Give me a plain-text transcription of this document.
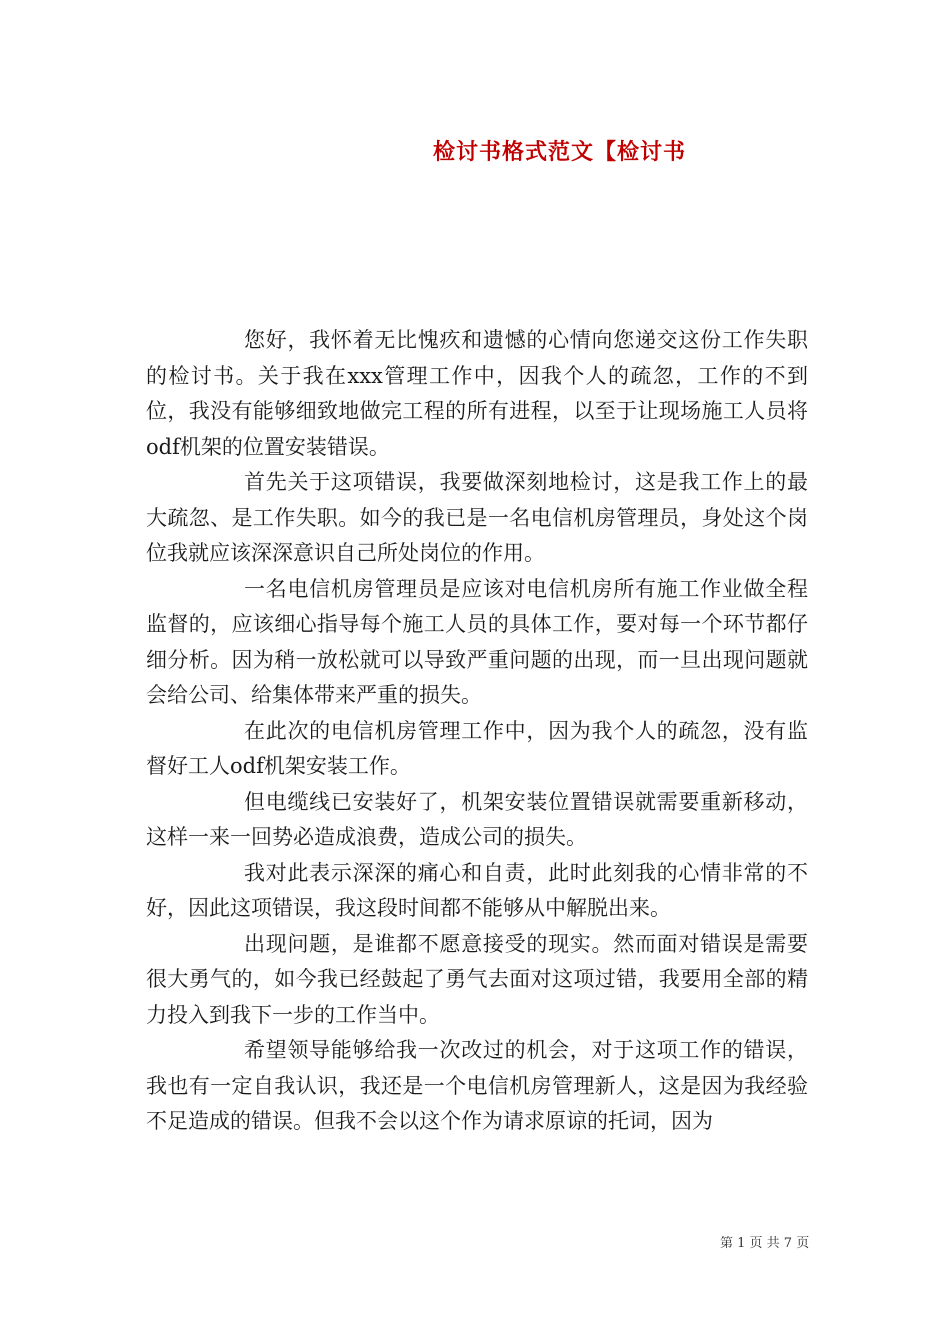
检讨书格式范文【检讨书

您好，我怀着无比愧疚和遗憾的心情向您递交这份工作失职的检讨书。关于我在xxx管理工作中，因我个人的疏忽，工作的不到位，我没有能够细致地做完工程的所有进程，以至于让现场施工人员将odf机架的位置安装错误。

首先关于这项错误，我要做深刻地检讨，这是我工作上的最大疏忽、是工作失职。如今的我已是一名电信机房管理员，身处这个岗位我就应该深深意识自己所处岗位的作用。

一名电信机房管理员是应该对电信机房所有施工作业做全程监督的，应该细心指导每个施工人员的具体工作，要对每一个环节都仔细分析。因为稍一放松就可以导致严重问题的出现，而一旦出现问题就会给公司、给集体带来严重的损失。

在此次的电信机房管理工作中，因为我个人的疏忽，没有监督好工人odf机架安装工作。

但电缆线已安装好了，机架安装位置错误就需要重新移动，这样一来一回势必造成浪费，造成公司的损失。

我对此表示深深的痛心和自责，此时此刻我的心情非常的不好，因此这项错误，我这段时间都不能够从中解脱出来。

出现问题，是谁都不愿意接受的现实。然而面对错误是需要很大勇气的，如今我已经鼓起了勇气去面对这项过错，我要用全部的精力投入到我下一步的工作当中。

希望领导能够给我一次改过的机会，对于这项工作的错误，我也有一定自我认识，我还是一个电信机房管理新人，这是因为我经验不足造成的错误。但我不会以这个作为请求原谅的托词，因为

第 1 页 共 7 页
